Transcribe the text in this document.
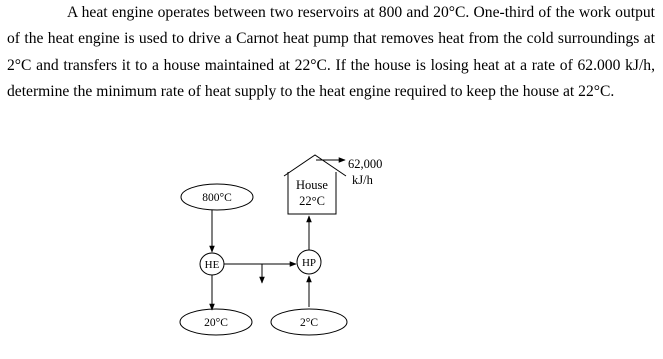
A heat engine operates between two reservoirs at 800 and 20°C. One-third of the work output of the heat engine is used to drive a Carnot heat pump that removes heat from the cold surroundings at 2°C and transfers it to a house maintained at 22°C. If the house is losing heat at a rate of 62.000 kJ/h, determine the minimum rate of heat supply to the heat engine required to keep the house at 22°C.

House
22°C
62,000
kJ/h
800°C
HE	HP
20°C	2°C
